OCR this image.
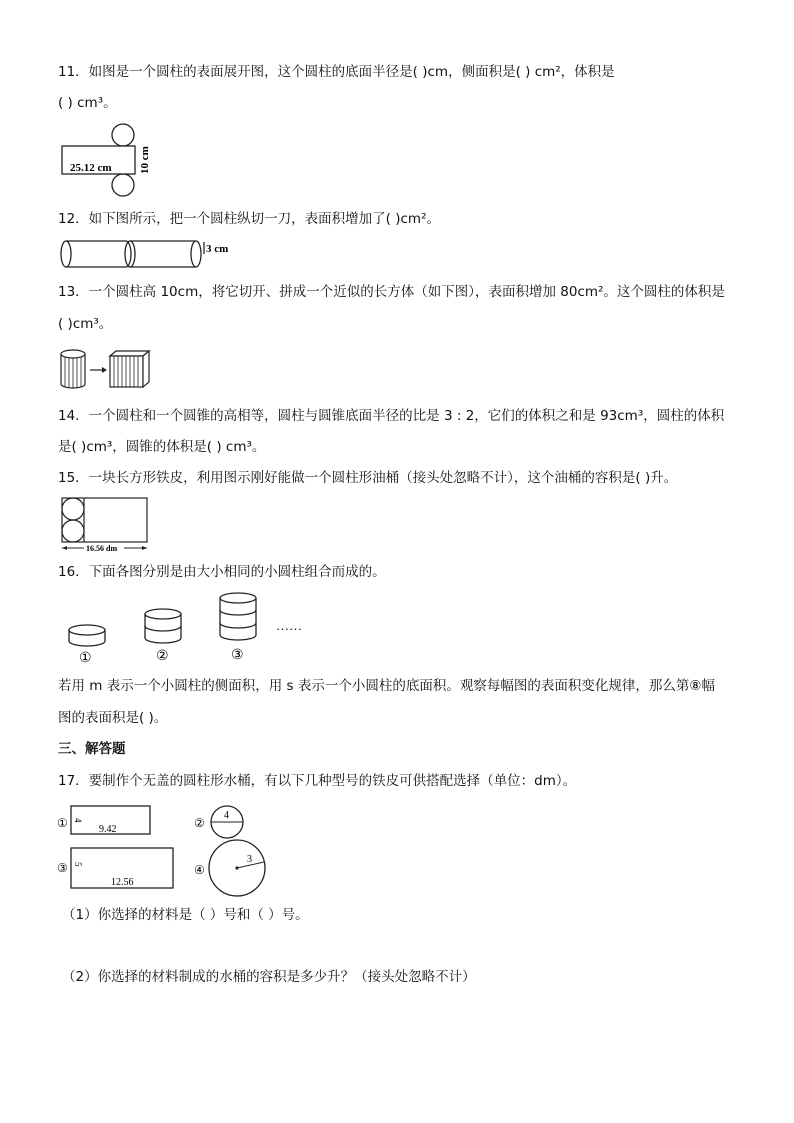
11．如图是一个圆柱的表面展开图，这个圆柱的底面半径是( )cm，侧面积是( ) cm²，体积是
( ) cm³。
25.12 cm 10 cm
12．如下图所示，把一个圆柱纵切一刀，表面积增加了( )cm²。
3 cm
13．一个圆柱高 10cm，将它切开、拼成一个近似的长方体（如下图），表面积增加 80cm²。这个圆柱的体积是
( )cm³。
14．一个圆柱和一个圆锥的高相等，圆柱与圆锥底面半径的比是 3 : 2，它们的体积之和是 93cm³，圆柱的体积
是( )cm³，圆锥的体积是( ) cm³。
15．一块长方形铁皮，利用图示刚好能做一个圆柱形油桶（接头处忽略不计），这个油桶的容积是( )升。
16.56 dm
16．下面各图分别是由大小相同的小圆柱组合而成的。
①	②	③
……
若用 m 表示一个小圆柱的侧面积，用 s 表示一个小圆柱的底面积。观察每幅图的表面积变化规律，那么第⑧幅
图的表面积是( )。
三、解答题
17．要制作个无盖的圆柱形水桶，有以下几种型号的铁皮可供搭配选择（单位：dm）。
① 4
9.42	②
4
③ 5
12.56
④
3
（1）你选择的材料是（ ）号和（ ）号。
（2）你选择的材料制成的水桶的容积是多少升？（接头处忽略不计）
